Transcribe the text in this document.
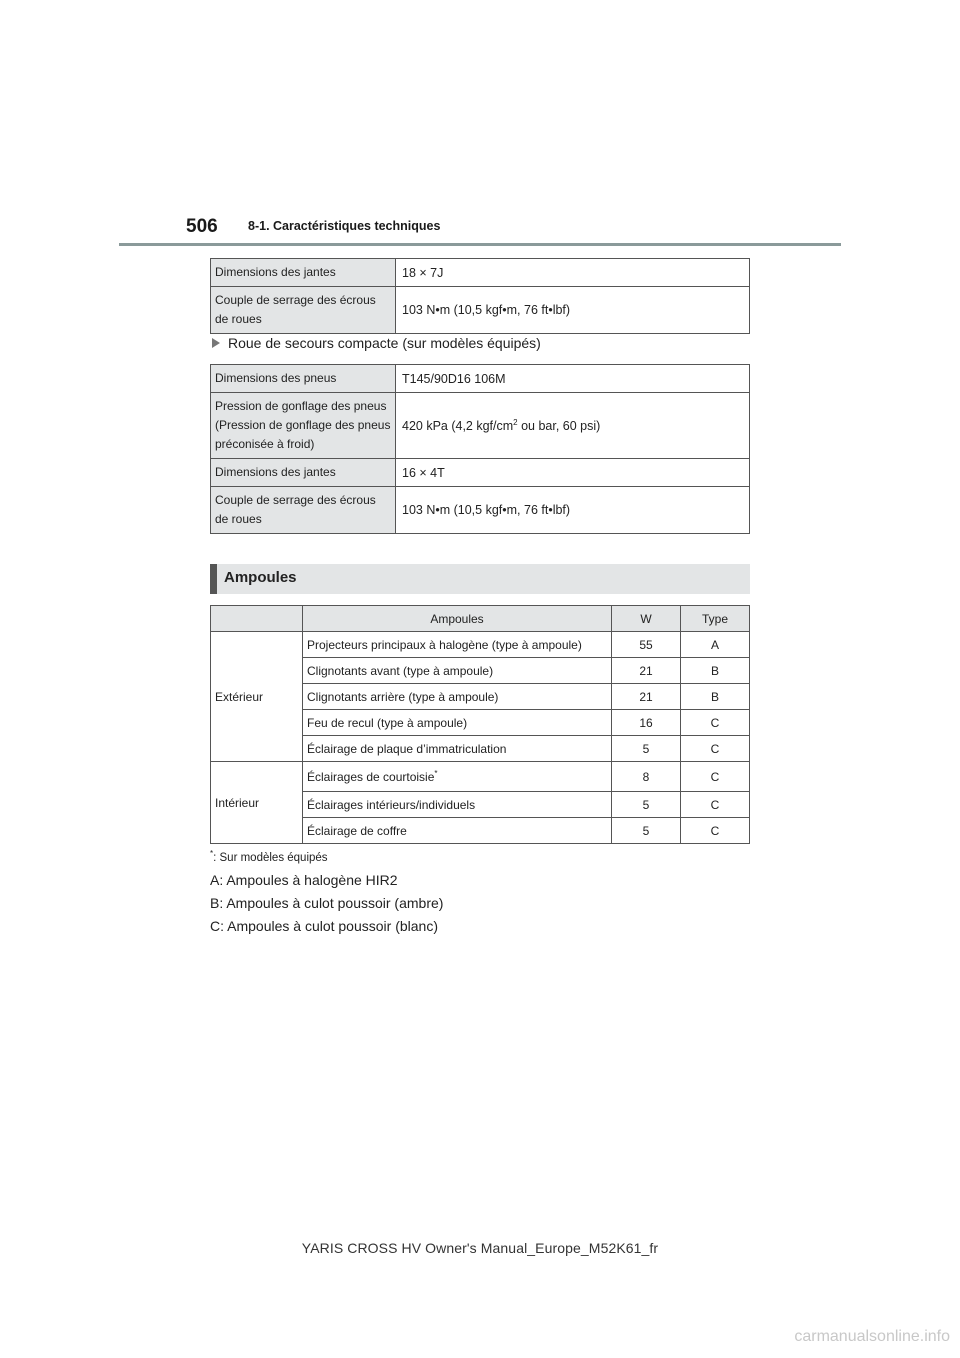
506 8-1. Caractéristiques techniques
Dimensions des jantes	18 × 7J
Couple de serrage des écrous de roues	103 N•m (10,5 kgf•m, 76 ft•lbf)
Roue de secours compacte (sur modèles équipés)
Dimensions des pneus	T145/90D16 106M
Pression de gonflage des pneus (Pression de gonflage des pneus préconisée à froid)	420 kPa (4,2 kgf/$cm^2$ ou bar, 60 psi)
Dimensions des jantes	16 × 4T
Couple de serrage des écrous de roues	103 N•m (10,5 kgf•m, 76 ft•lbf)
Ampoules
	Ampoules	W	Type
Extérieur	Projecteurs principaux à halogène (type à ampoule)	55	A
	Clignotants avant (type à ampoule)	21	B
	Clignotants arrière (type à ampoule)	21	B
	Feu de recul (type à ampoule)	16	C
	Éclairage de plaque d’immatriculation	5	C
Intérieur	Éclairages de courtoisie*	8	C
	Éclairages intérieurs/individuels	5	C
	Éclairage de coffre	5	C
*: Sur modèles équipés
A: Ampoules à halogène HIR2
B: Ampoules à culot poussoir (ambre)
C: Ampoules à culot poussoir (blanc)
YARIS CROSS HV Owner's Manual_Europe_M52K61_fr
carmanualsonline.info
